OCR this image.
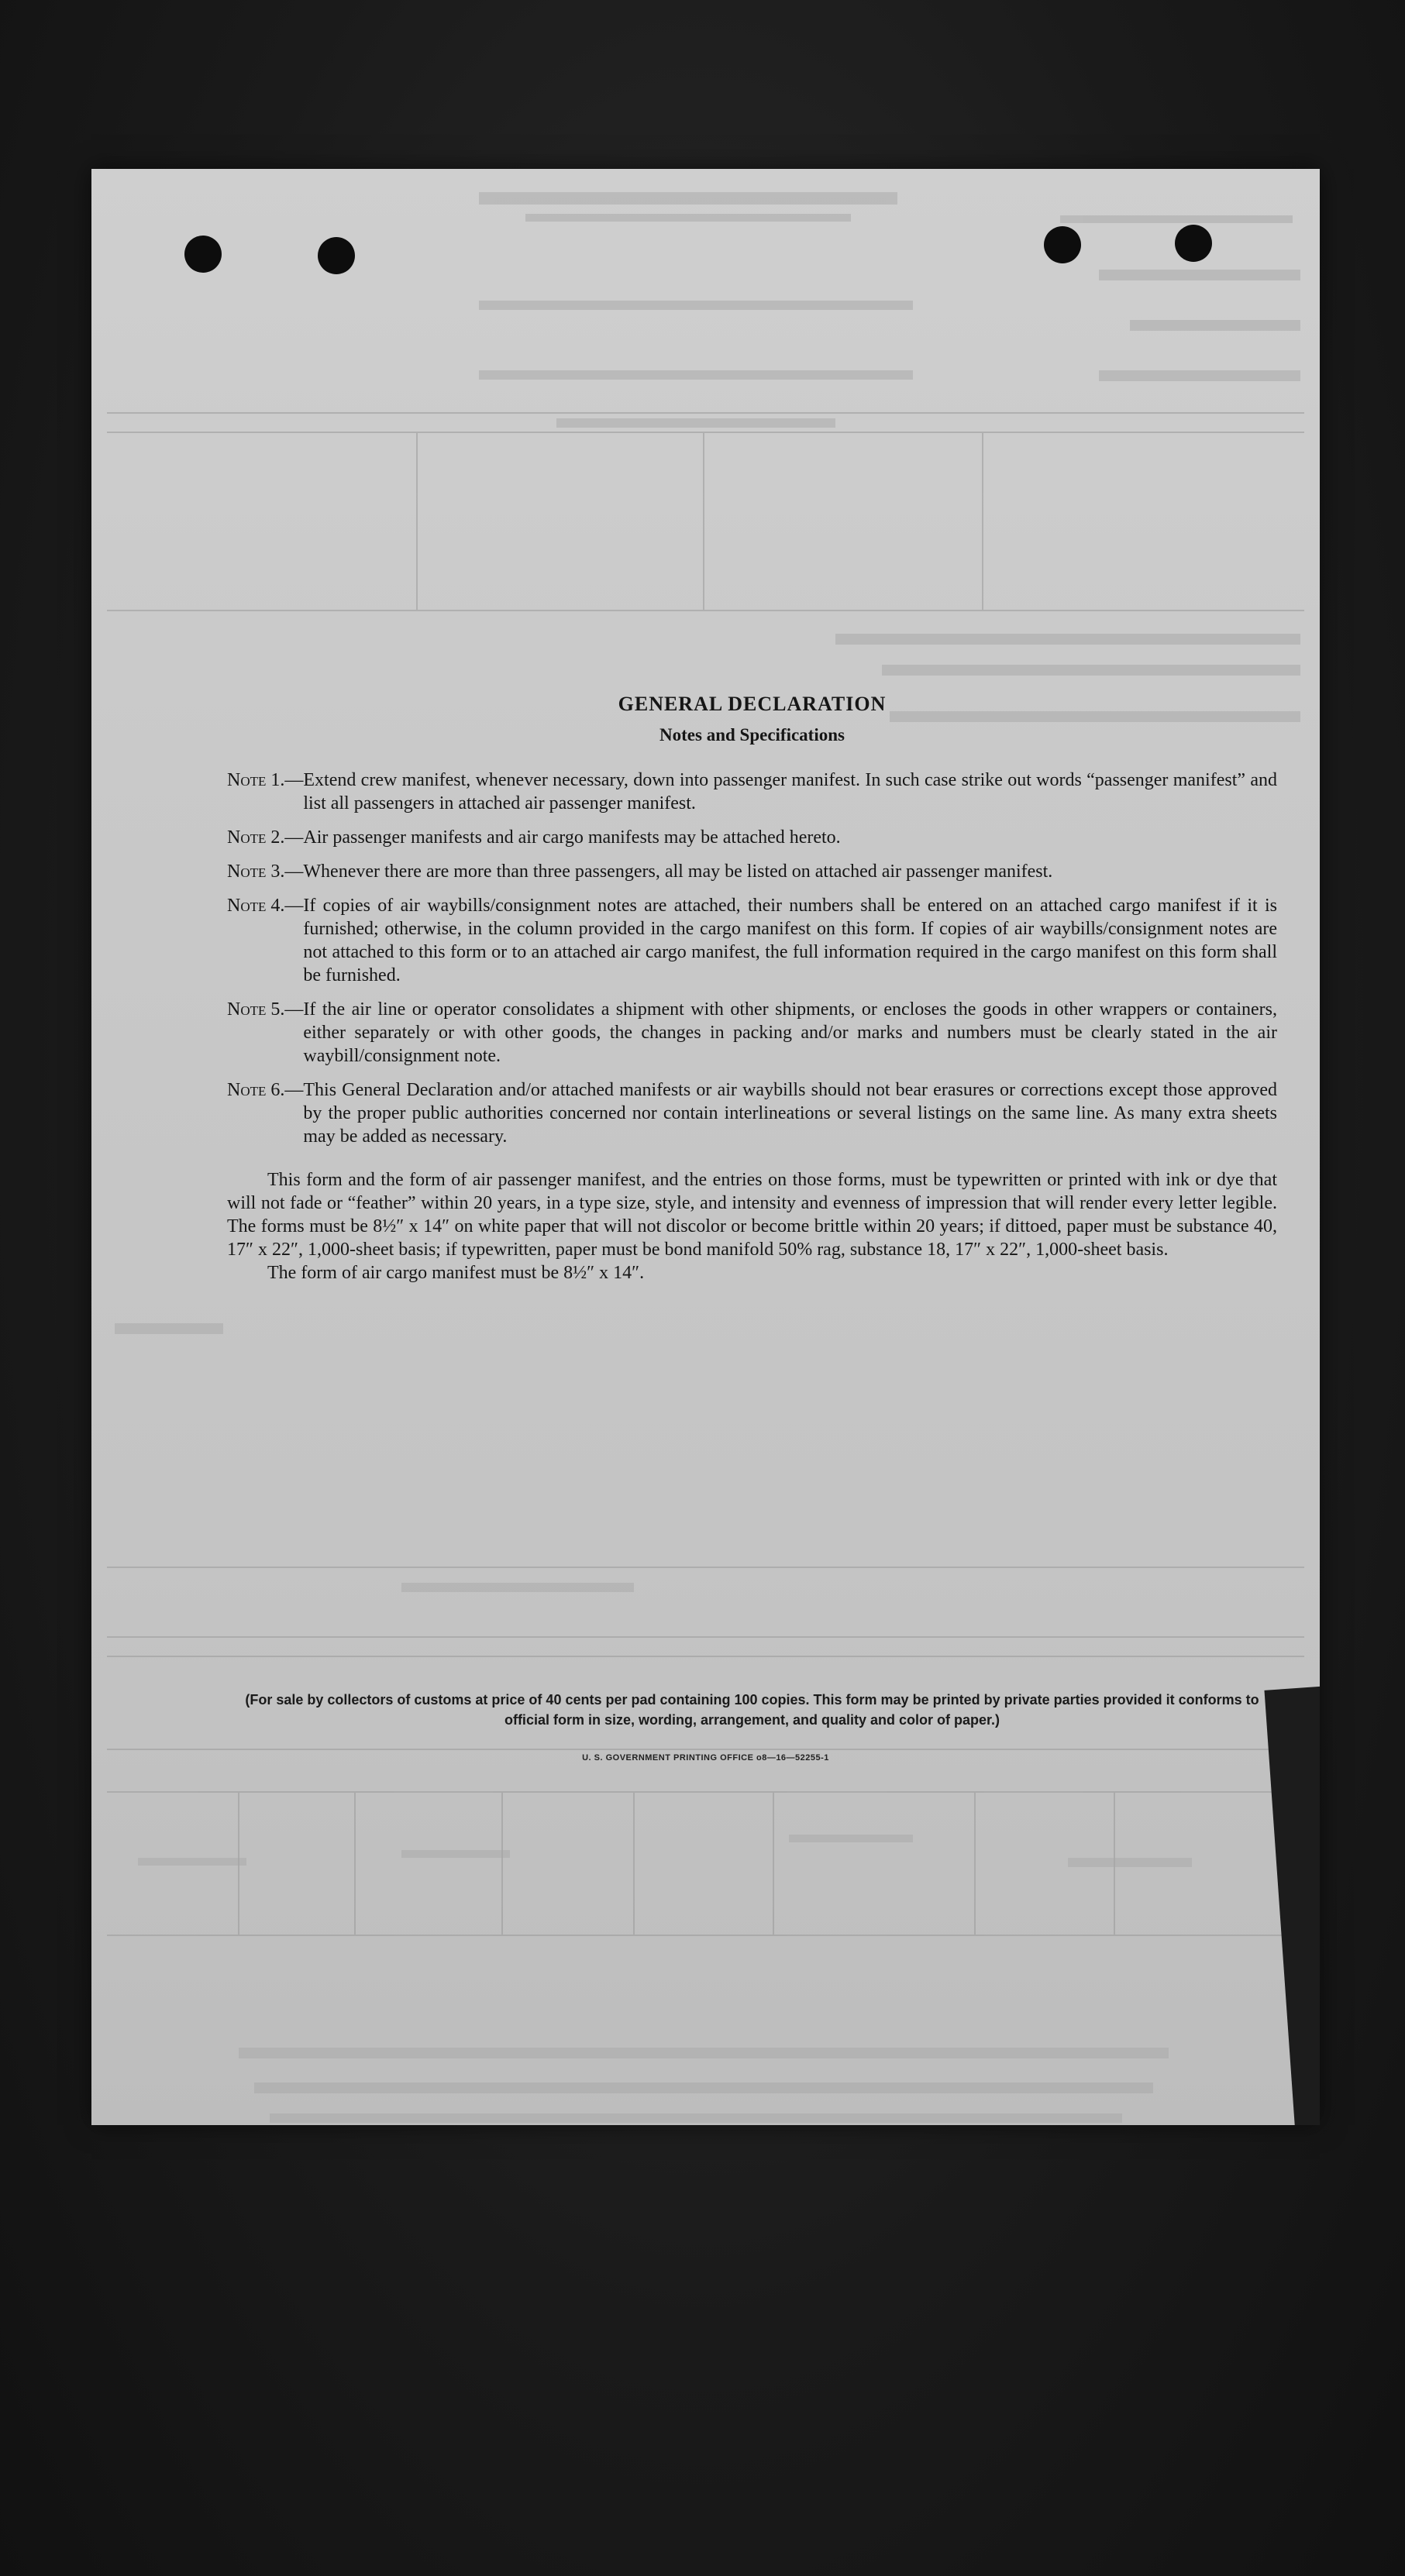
GENERAL DECLARATION
Notes and Specifications
Note 1.— Extend crew manifest, whenever necessary, down into passenger manifest. In such case strike out words “passenger manifest” and list all passengers in attached air passenger manifest.
Note 2.— Air passenger manifests and air cargo manifests may be attached hereto.
Note 3.— Whenever there are more than three passengers, all may be listed on attached air passenger manifest.
Note 4.— If copies of air waybills/consignment notes are attached, their numbers shall be entered on an attached cargo manifest if it is furnished; otherwise, in the column provided in the cargo manifest on this form. If copies of air waybills/consignment notes are not attached to this form or to an attached air cargo manifest, the full information required in the cargo manifest on this form shall be furnished.
Note 5.— If the air line or operator consolidates a shipment with other shipments, or encloses the goods in other wrappers or containers, either separately or with other goods, the changes in packing and/or marks and numbers must be clearly stated in the air waybill/consignment note.
Note 6.— This General Declaration and/or attached manifests or air waybills should not bear erasures or corrections except those approved by the proper public authorities concerned nor contain interlineations or several listings on the same line. As many extra sheets may be added as necessary.

This form and the form of air passenger manifest, and the entries on those forms, must be typewritten or printed with ink or dye that will not fade or “feather” within 20 years, in a type size, style, and intensity and evenness of impression that will render every letter legible. The forms must be 8½″ x 14″ on white paper that will not discolor or become brittle within 20 years; if dittoed, paper must be substance 40, 17″ x 22″, 1,000-sheet basis; if typewritten, paper must be bond manifold 50% rag, substance 18, 17″ x 22″, 1,000-sheet basis.
The form of air cargo manifest must be 8½″ x 14″.

(For sale by collectors of customs at price of 40 cents per pad containing 100 copies. This form may be printed by private parties provided it conforms to official form in size, wording, arrangement, and quality and color of paper.)
U. S. GOVERNMENT PRINTING OFFICE o8—16—52255-1
